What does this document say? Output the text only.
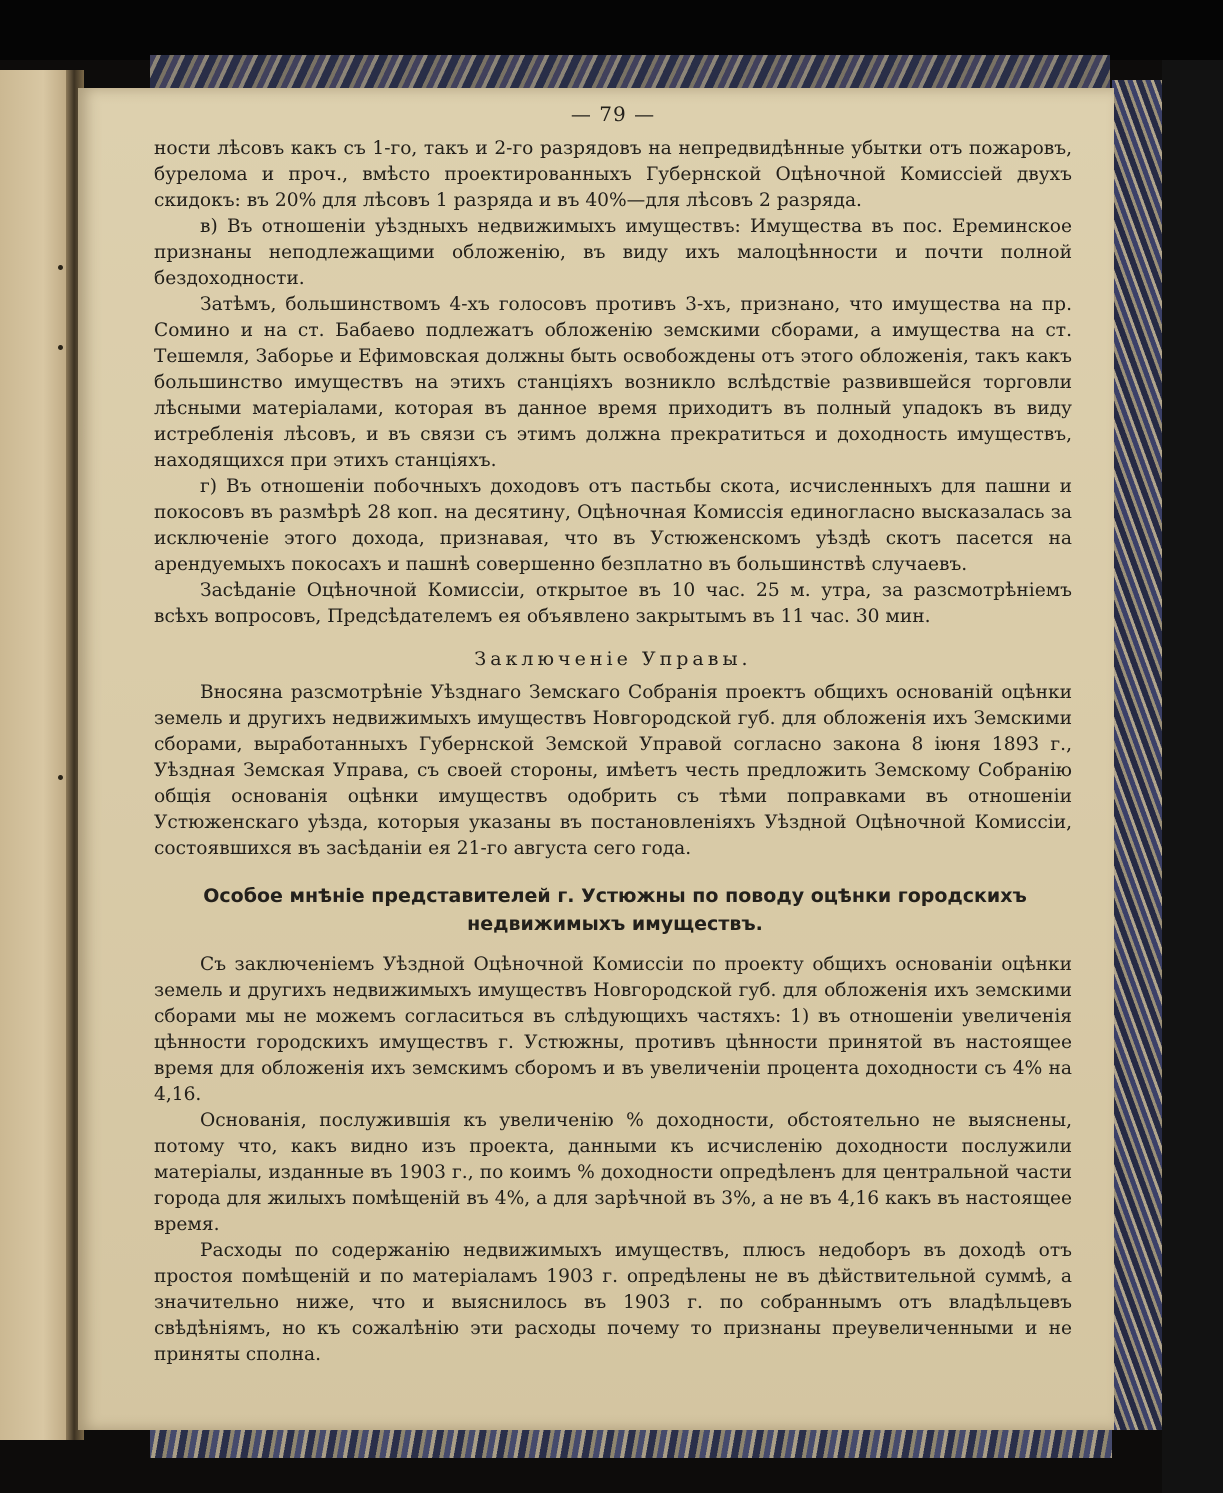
— 79 —

ности лѣсовъ какъ съ 1-го, такъ и 2-го разрядовъ на непредвидѣнные убытки отъ пожаровъ, бурелома и проч., вмѣсто проектированныхъ Губернской Оцѣночной Комиссіей двухъ скидокъ: въ 20% для лѣсовъ 1 разряда и въ 40%—для лѣсовъ 2 разряда.

в) Въ отношеніи уѣздныхъ недвижимыхъ имуществъ: Имущества въ пос. Ереминское признаны неподлежащими обложенію, въ виду ихъ малоцѣнности и почти полной бездоходности.

Затѣмъ, большинствомъ 4-хъ голосовъ противъ 3-хъ, признано, что имущества на пр. Сомино и на ст. Бабаево подлежатъ обложенію земскими сборами, а имущества на ст. Тешемля, Заборье и Ефимовская должны быть освобождены отъ этого обложенія, такъ какъ большинство имуществъ на этихъ станціяхъ возникло вслѣдствіе развившейся торговли лѣсными матеріалами, которая въ данное время приходитъ въ полный упадокъ въ виду истребленія лѣсовъ, и въ связи съ этимъ должна прекратиться и доходность имуществъ, находящихся при этихъ станціяхъ.

г) Въ отношеніи побочныхъ доходовъ отъ пастьбы скота, исчисленныхъ для пашни и покосовъ въ размѣрѣ 28 коп. на десятину, Оцѣночная Комиссія единогласно высказалась за исключеніе этого дохода, признавая, что въ Устюженскомъ уѣздѣ скотъ пасется на арендуемыхъ покосахъ и пашнѣ совершенно безплатно въ большинствѣ случаевъ.

Засѣданіе Оцѣночной Комиссіи, открытое въ 10 час. 25 м. утра, за разсмотрѣніемъ всѣхъ вопросовъ, Предсѣдателемъ ея объявлено закрытымъ въ 11 час. 30 мин.

Заключеніе Управы.

Вносяна разсмотрѣніе Уѣзднаго Земскаго Собранія проектъ общихъ основаній оцѣнки земель и другихъ недвижимыхъ имуществъ Новгородской губ. для обложенія ихъ Земскими сборами, выработанныхъ Губернской Земской Управой согласно закона 8 іюня 1893 г., Уѣздная Земская Управа, съ своей стороны, имѣетъ честь предложить Земскому Собранію общія основанія оцѣнки имуществъ одобрить съ тѣми поправками въ отношеніи Устюженскаго уѣзда, которыя указаны въ постановленіяхъ Уѣздной Оцѣночной Комиссіи, состоявшихся въ засѣданіи ея 21-го августа сего года.

Особое мнѣніе представителей г. Устюжны по поводу оцѣнки городскихъ недвижимыхъ имуществъ.

Съ заключеніемъ Уѣздной Оцѣночной Комиссіи по проекту общихъ основаніи оцѣнки земель и другихъ недвижимыхъ имуществъ Новгородской губ. для обложенія ихъ земскими сборами мы не можемъ согласиться въ слѣдующихъ частяхъ: 1) въ отношеніи увеличенія цѣнности городскихъ имуществъ г. Устюжны, противъ цѣнности принятой въ настоящее время для обложенія ихъ земскимъ сборомъ и въ увеличеніи процента доходности съ 4% на 4,16.

Основанія, послужившія къ увеличенію % доходности, обстоятельно не выяснены, потому что, какъ видно изъ проекта, данными къ исчисленію доходности послужили матеріалы, изданные въ 1903 г., по коимъ % доходности опредѣленъ для центральной части города для жилыхъ помѣщеній въ 4%, а для зарѣчной въ 3%, а не въ 4,16 какъ въ настоящее время.

Расходы по содержанію недвижимыхъ имуществъ, плюсъ недоборъ въ доходѣ отъ простоя помѣщеній и по матеріаламъ 1903 г. опредѣлены не въ дѣйствительной суммѣ, а значительно ниже, что и выяснилось въ 1903 г. по собраннымъ отъ владѣльцевъ свѣдѣніямъ, но къ сожалѣнію эти расходы почему то признаны преувеличенными и не приняты сполна.
